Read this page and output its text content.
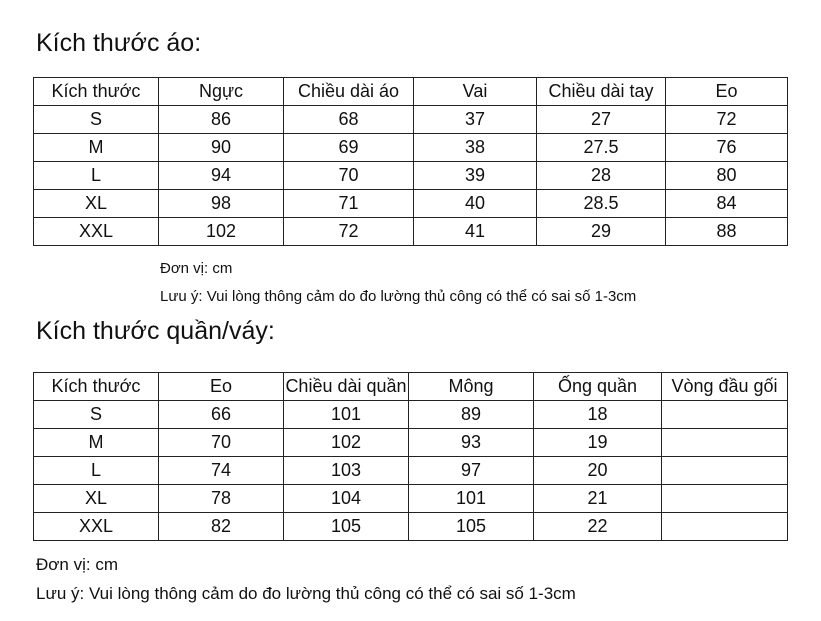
Kích thước áo:
Kích thước	Ngực	Chiều dài áo	Vai	Chiều dài tay	Eo
S	86	68	37	27	72
M	90	69	38	27.5	76
L	94	70	39	28	80
XL	98	71	40	28.5	84
XXL	102	72	41	29	88
Đơn vị: cm
Lưu ý: Vui lòng thông cảm do đo lường thủ công có thể có sai số 1-3cm
Kích thước quần/váy:
Kích thước	Eo	Chiều dài quần	Mông	Ống quần	Vòng đầu gối
S	66	101	89	18	
M	70	102	93	19	
L	74	103	97	20	
XL	78	104	101	21	
XXL	82	105	105	22	
Đơn vị: cm
Lưu ý: Vui lòng thông cảm do đo lường thủ công có thể có sai số 1-3cm
